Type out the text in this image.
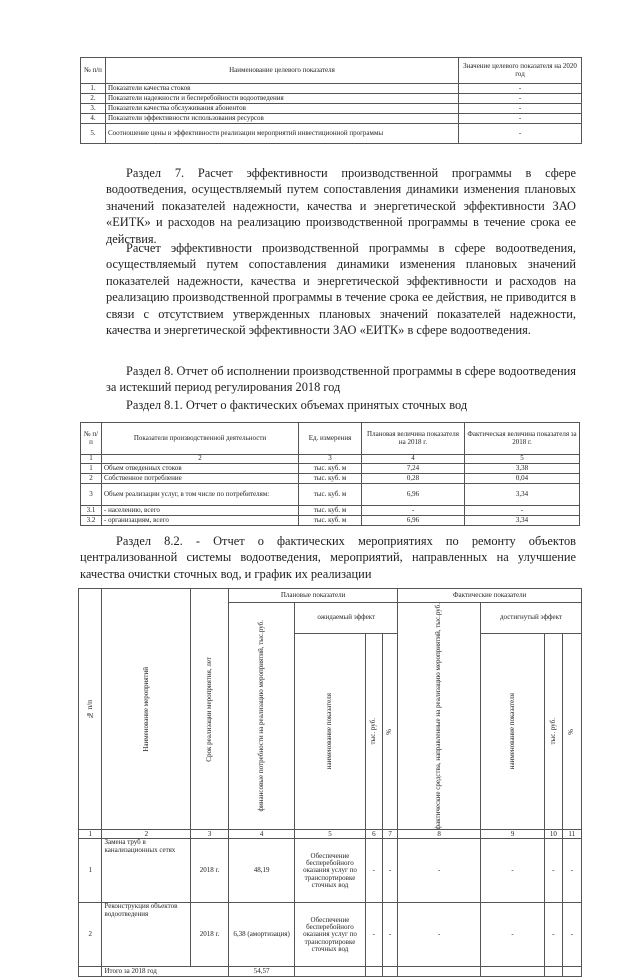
№ п/п	Наименование целевого показателя	Значение целевого показателя на 2020 год
1.	Показатели качества стоков	-
2.	Показатели надежности и бесперебойности водоотведения	-
3.	Показатели качества обслуживания абонентов	-
4.	Показатели эффективности использования ресурсов	-
5.	Соотношение цены и эффективности реализации мероприятий инвестиционной программы	-
Раздел 7. Расчет эффективности производственной программы в сфере водоотведения, осуществляемый путем сопоставления динамики изменения плановых значений показателей надежности, качества и энергетической эффективности ЗАО «ЕИТК» и расходов на реализацию производственной программы в течение срока ее действия.
Расчет эффективности производственной программы в сфере водоотведения, осуществляемый путем сопоставления динамики изменения плановых значений показателей надежности, качества и энергетической эффективности и расходов на реализацию производственной программы в течение срока ее действия, не приводится в связи с отсутствием утвержденных плановых значений показателей надежности, качества и энергетической эффективности ЗАО «ЕИТК» в сфере водоотведения.
Раздел 8. Отчет об исполнении производственной программы в сфере водоотведения за истекший период регулирования 2018 год
Раздел 8.1. Отчет о фактических объемах принятых сточных вод
№ п/п	Показатели производственной деятельности	Ед. измерения	Плановая величина показателя на 2018 г.	Фактическая величина показателя за 2018 г.
1	2	3	4	5
1	Объем отведенных стоков	тыс. куб. м	7,24	3,38
2	Собственное потребление	тыс. куб. м	0,28	0,04
3	Объем реализации услуг, в том числе по потребителям:	тыс. куб. м	6,96	3,34
3.1	- населению, всего	тыс. куб. м	-	-
3.2	- организациям, всего	тыс. куб. м	6,96	3,34
Раздел 8.2. - Отчет о фактических мероприятиях по ремонту объектов централизованной системы водоотведения, мероприятий, направленных на улучшение качества очистки сточных вод, и график их реализации
№ п/п	Наименование мероприятий	Срок реализации мероприятия, лет	Плановые показатели				Фактические показатели			

			финансовые потребности на реализацию мероприятий, тыс.руб.	ожидаемый эффект			фактические средства, направленные на реализацию мероприятий, тыс.руб.	достигнутый эффект		

				наименование показателя	тыс. руб.	%		наименование показателя	тыс. руб.	%

1	2	3	4	5	6	7	8	9	10	11
1	Замена труб в канализационных сетях	2018 г.	48,19	Обеспечение бесперебойного оказания услуг по транспортировке сточных вод	-	-	-	-	-	-
2	Реконструкция объектов водоотведения	2018 г.	6,38 (амортизация)	Обеспечение бесперебойного оказания услуг по транспортировке сточных вод	-	-	-	-	-	-
	Итого за 2018 год		54,57							
